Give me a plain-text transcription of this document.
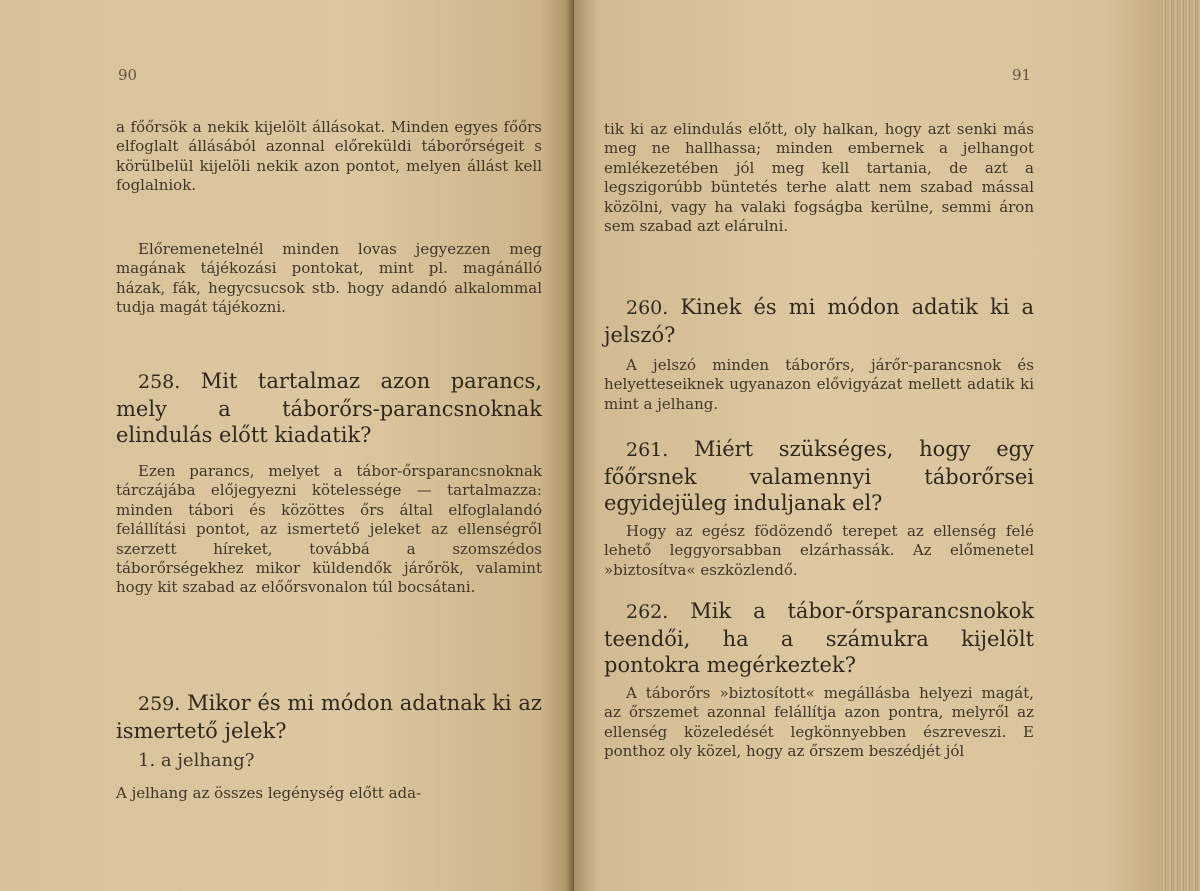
90

a főőrsök a nekik kijelölt állásokat. Minden egyes főőrs elfoglalt állásából azonnal előreküldi táborőrségeit s körülbelül kijelöli nekik azon pontot, melyen állást kell foglalniok.

Előremenetelnél minden lovas jegyezzen meg magának tájékozási pontokat, mint pl. magánálló házak, fák, hegycsucsok stb. hogy adandó alkalommal tudja magát tájékozni.

258. Mit tartalmaz azon parancs, mely a táborőrs-parancsnoknak elindulás előtt kiadatik?

Ezen parancs, melyet a tábor-őrsparancsnoknak tárczájába előjegyezni kötelessége — tartalmazza: minden tábori és közöttes őrs által elfoglalandó felállítási pontot, az ismertető jeleket az ellenségről szerzett híreket, továbbá a szomszédos táborőrségekhez mikor küldendők járőrök, valamint hogy kit szabad az előőrsvonalon túl bocsátani.

259. Mikor és mi módon adatnak ki az ismertető jelek?

1. a jelhang?

A jelhang az összes legénység előtt ada-

91

tik ki az elindulás előtt, oly halkan, hogy azt senki más meg ne hallhassa; minden embernek a jelhangot emlékezetében jól meg kell tartania, de azt a legszigorúbb büntetés terhe alatt nem szabad mással közölni, vagy ha valaki fogságba kerülne, semmi áron sem szabad azt elárulni.

260. Kinek és mi módon adatik ki a jelszó?

A jelszó minden táborőrs, járőr-parancsnok és helyetteseiknek ugyanazon elővigyázat mellett adatik ki mint a jelhang.

261. Miért szükséges, hogy egy főőrsnek valamennyi táborőrsei egyidejüleg induljanak el?

Hogy az egész födözendő terepet az ellenség felé lehető leggyorsabban elzárhassák. Az előmenetel »biztosítva« eszközlendő.

262. Mik a tábor-őrsparancsnokok teendői, ha a számukra kijelölt pontokra megérkeztek?

A táborőrs »biztosított« megállásba helyezi magát, az őrszemet azonnal felállítja azon pontra, melyről az ellenség közeledését legkönnyebben észreveszi. E ponthoz oly közel, hogy az őrszem beszédjét jól
